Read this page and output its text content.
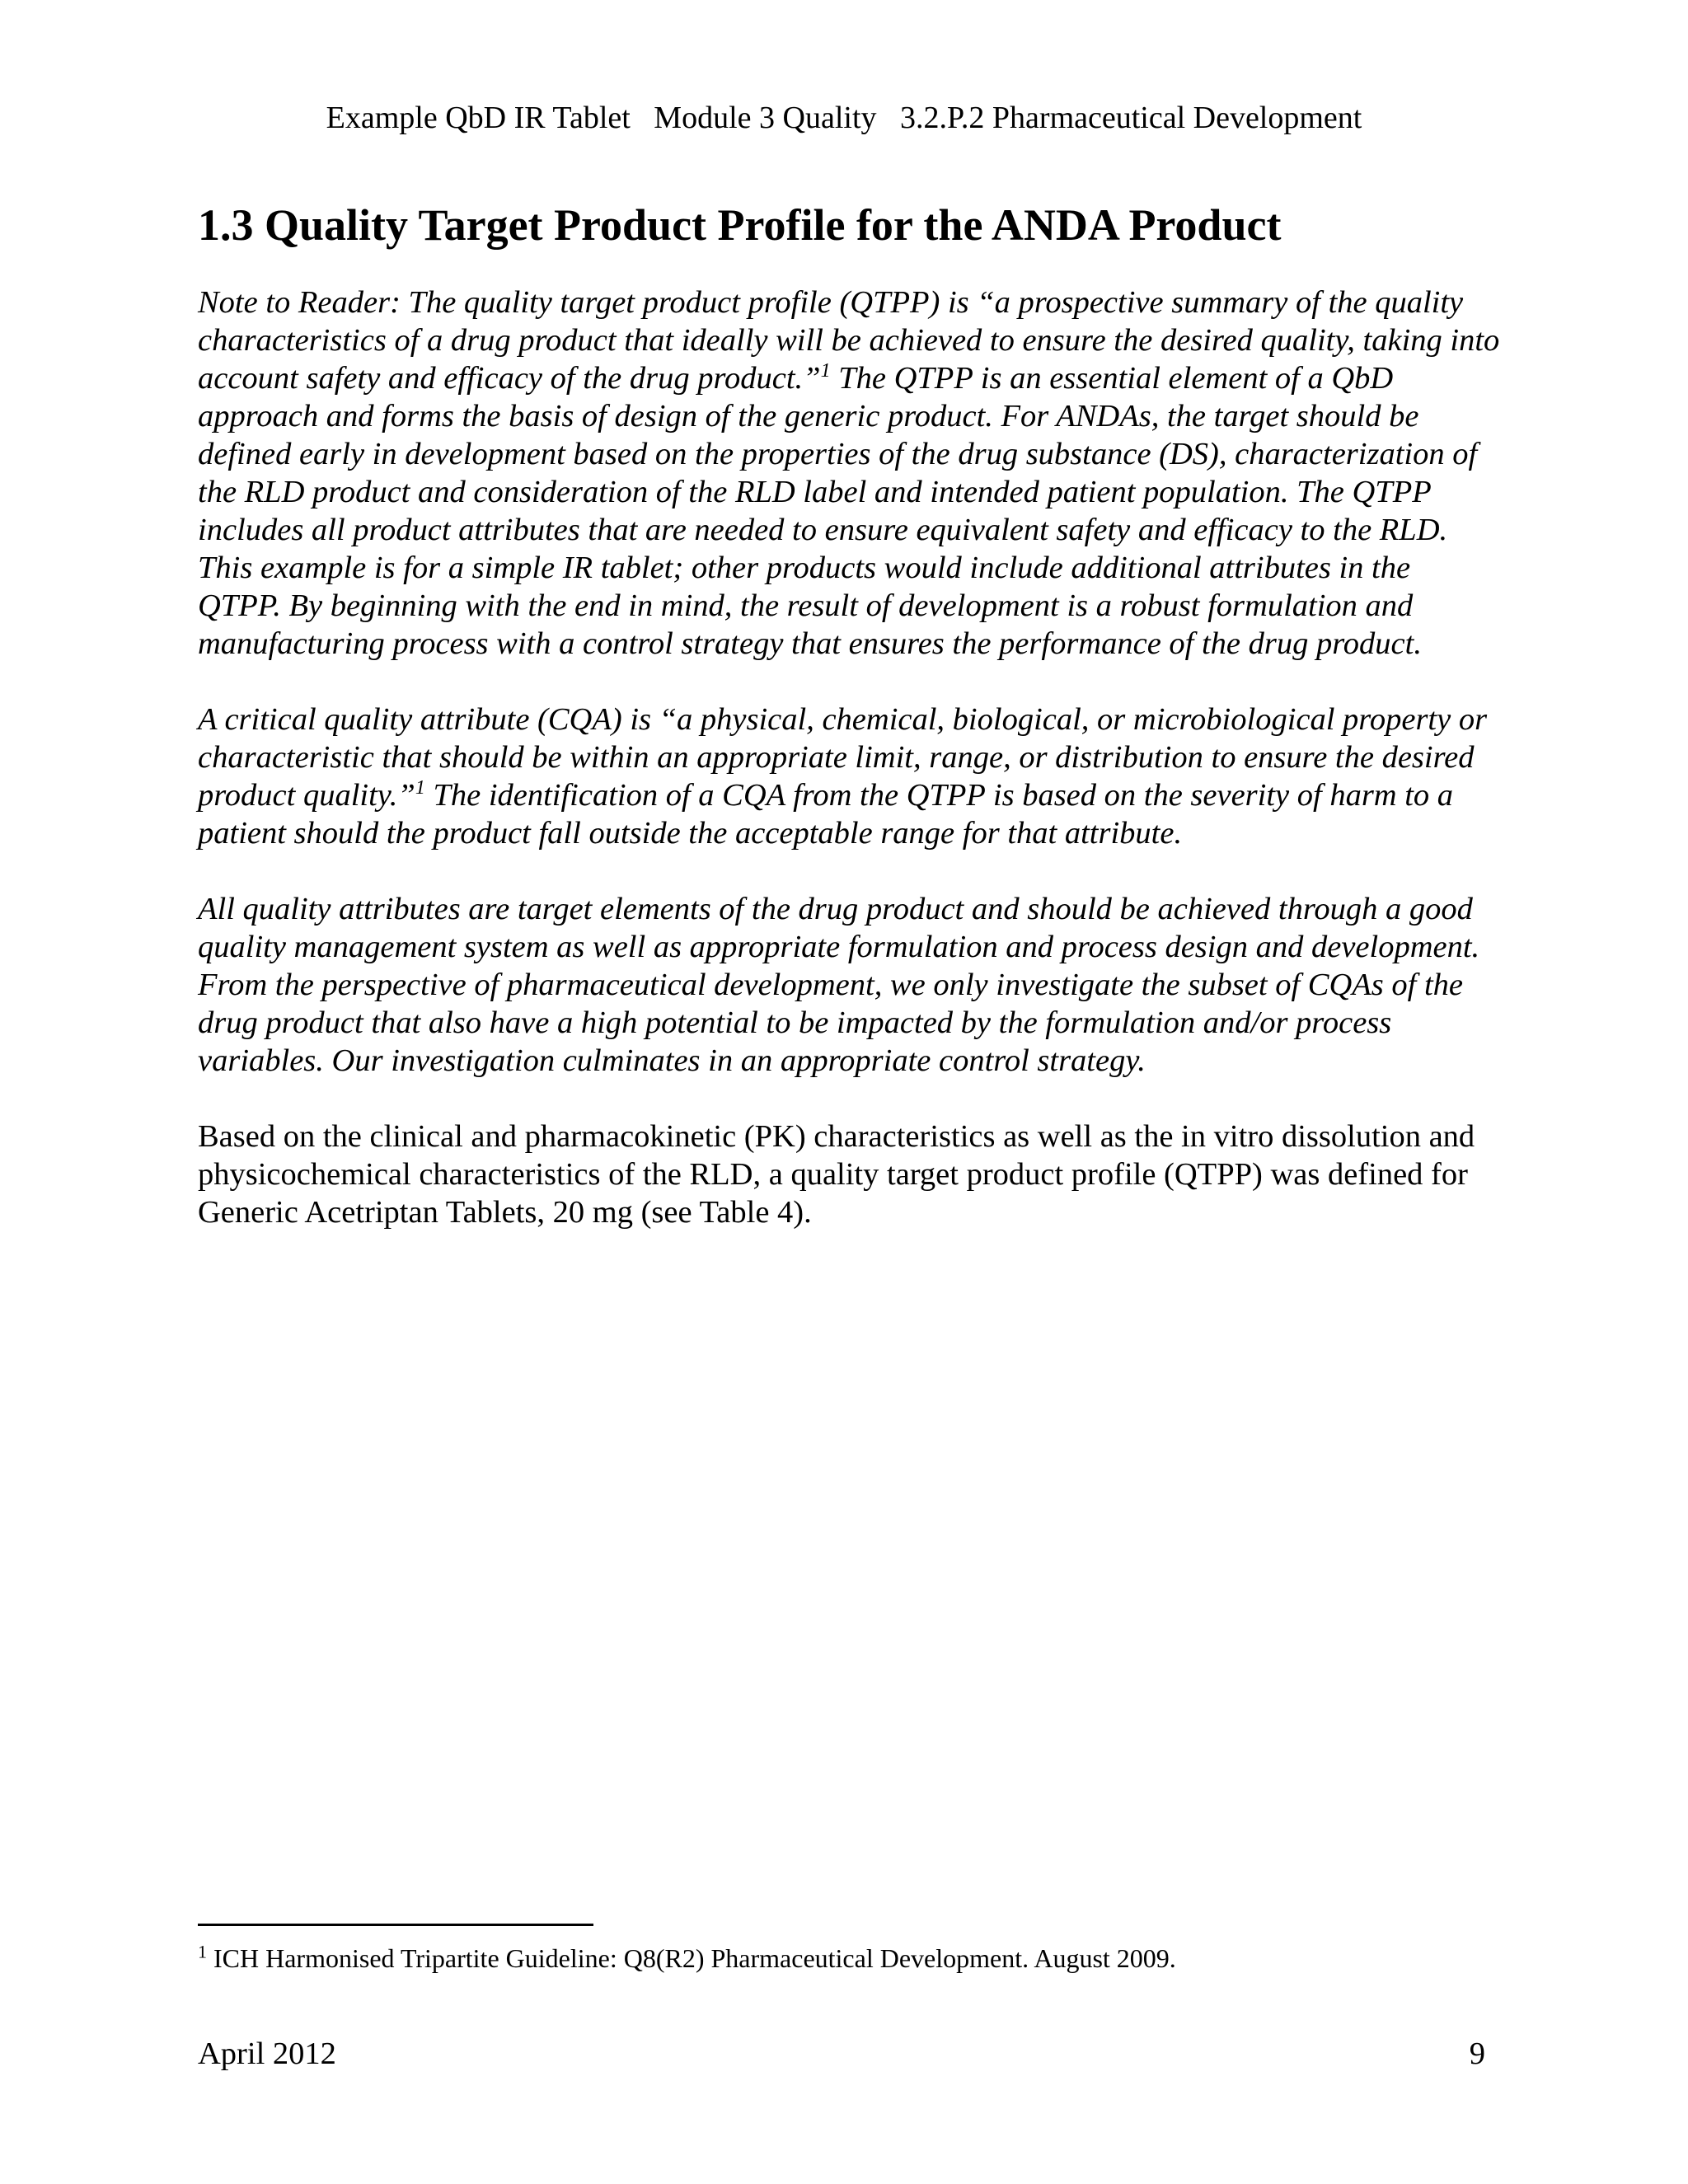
Example QbD IR Tablet   Module 3 Quality   3.2.P.2 Pharmaceutical Development
1.3 Quality Target Product Profile for the ANDA Product

Note to Reader: The quality target product profile (QTPP) is “a prospective summary of the quality characteristics of a drug product that ideally will be achieved to ensure the desired quality, taking into account safety and efficacy of the drug product.”$^1$ The QTPP is an essential element of a QbD approach and forms the basis of design of the generic product. For ANDAs, the target should be defined early in development based on the properties of the drug substance (DS), characterization of the RLD product and consideration of the RLD label and intended patient population. The QTPP includes all product attributes that are needed to ensure equivalent safety and efficacy to the RLD. This example is for a simple IR tablet; other products would include additional attributes in the QTPP. By beginning with the end in mind, the result of development is a robust formulation and manufacturing process with a control strategy that ensures the performance of the drug product.

A critical quality attribute (CQA) is “a physical, chemical, biological, or microbiological property or characteristic that should be within an appropriate limit, range, or distribution to ensure the desired product quality.”$^1$ The identification of a CQA from the QTPP is based on the severity of harm to a patient should the product fall outside the acceptable range for that attribute.

All quality attributes are target elements of the drug product and should be achieved through a good quality management system as well as appropriate formulation and process design and development. From the perspective of pharmaceutical development, we only investigate the subset of CQAs of the drug product that also have a high potential to be impacted by the formulation and/or process variables. Our investigation culminates in an appropriate control strategy.

Based on the clinical and pharmacokinetic (PK) characteristics as well as the in vitro dissolution and physicochemical characteristics of the RLD, a quality target product profile (QTPP) was defined for Generic Acetriptan Tablets, 20 mg (see Table 4).

$^1$ ICH Harmonised Tripartite Guideline: Q8(R2) Pharmaceutical Development. August 2009.
April 2012	9
